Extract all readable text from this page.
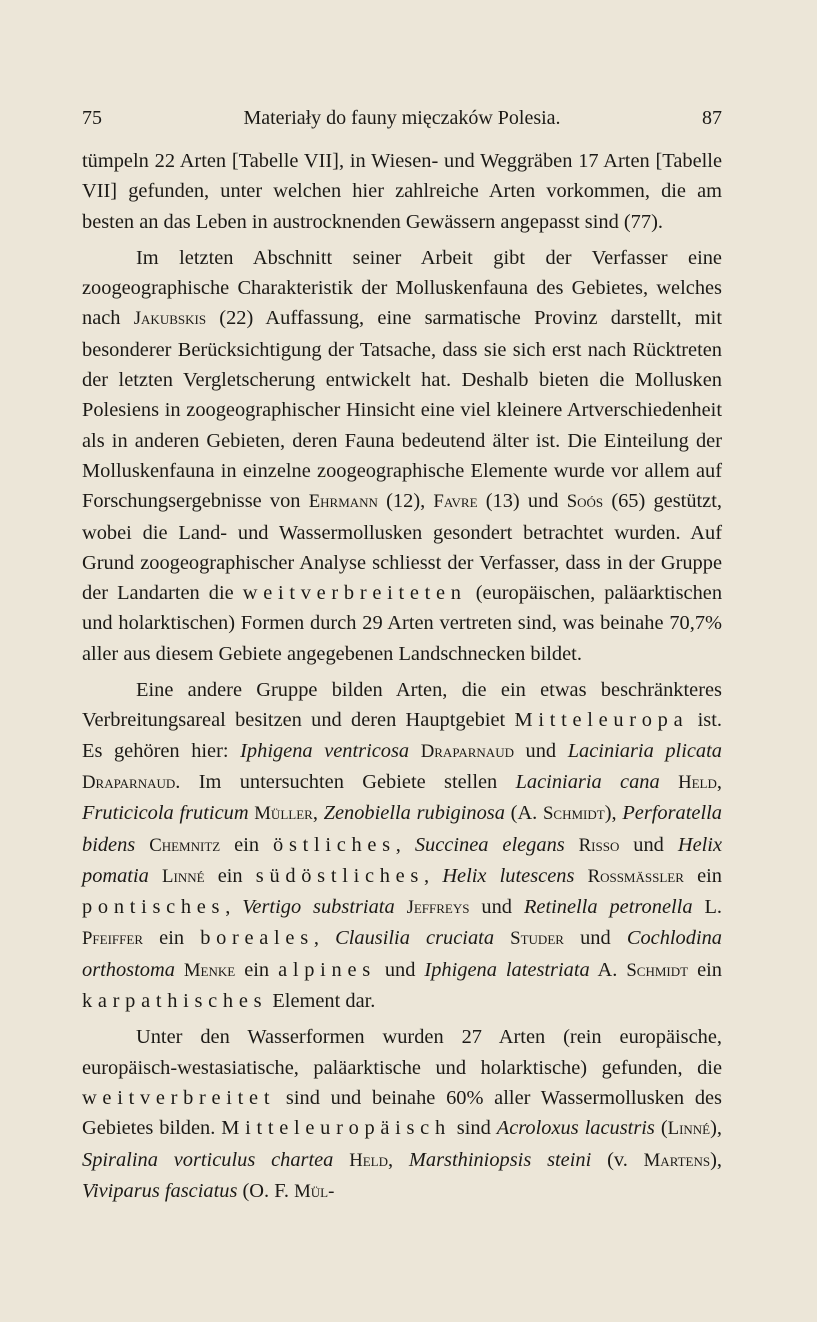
75	Materiały do fauny mięczaków Polesia.	87

tümpeln 22 Arten [Tabelle VII], in Wiesen- und Weggräben 17 Arten [Tabelle VII] gefunden, unter welchen hier zahlreiche Arten vorkommen, die am besten an das Leben in austrocknenden Gewässern angepasst sind (77).

Im letzten Abschnitt seiner Arbeit gibt der Verfasser eine zoogeographische Charakteristik der Molluskenfauna des Gebietes, welches nach Jakubskis (22) Auffassung, eine sarmatische Provinz darstellt, mit besonderer Berücksichtigung der Tatsache, dass sie sich erst nach Rücktreten der letzten Vergletscherung entwickelt hat. Deshalb bieten die Mollusken Polesiens in zoogeographischer Hinsicht eine viel kleinere Artverschiedenheit als in anderen Gebieten, deren Fauna bedeutend älter ist. Die Einteilung der Molluskenfauna in einzelne zoogeographische Elemente wurde vor allem auf Forschungsergebnisse von Ehrmann (12), Favre (13) und Soós (65) gestützt, wobei die Land- und Wassermollusken gesondert betrachtet wurden. Auf Grund zoogeographischer Analyse schliesst der Verfasser, dass in der Gruppe der Landarten die weitverbreiteten (europäischen, paläarktischen und holarktischen) Formen durch 29 Arten vertreten sind, was beinahe 70,7% aller aus diesem Gebiete angegebenen Landschnecken bildet.

Eine andere Gruppe bilden Arten, die ein etwas beschränkteres Verbreitungsareal besitzen und deren Hauptgebiet Mitteleuropa ist. Es gehören hier: Iphigena ventricosa Draparnaud und Laciniaria plicata Draparnaud. Im untersuchten Gebiete stellen Laciniaria cana Held, Fruticicola fruticum Müller, Zenobiella rubiginosa (A. Schmidt), Perforatella bidens Chemnitz ein östliches, Succinea elegans Risso und Helix pomatia Linné ein südöstliches, Helix lutescens Rossmässler ein pontisches, Vertigo substriata Jeffreys und Retinella petronella L. Pfeiffer ein boreales, Clausilia cruciata Studer und Cochlodina orthostoma Menke ein alpines und Iphigena latestriata A. Schmidt ein karpathisches Element dar.

Unter den Wasserformen wurden 27 Arten (rein europäische, europäisch-westasiatische, paläarktische und holarktische) gefunden, die weitverbreitet sind und beinahe 60% aller Wassermollusken des Gebietes bilden. Mitteleuropäisch sind Acroloxus lacustris (Linné), Spiralina vorticulus chartea Held, Marsthiniopsis steini (v. Martens), Viviparus fasciatus (O. F. Mül-
